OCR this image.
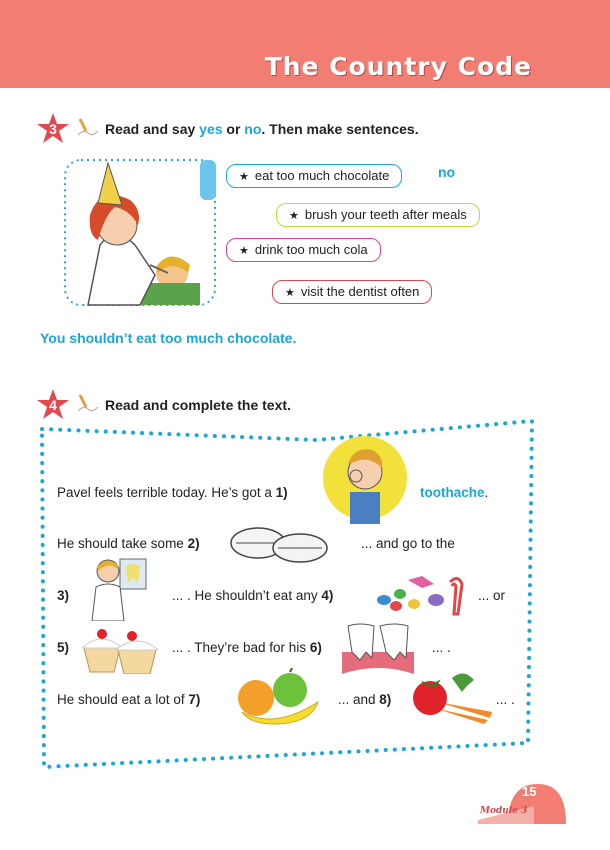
The Country Code
3	Read and say yes or no. Then make sentences.
★ eat too much chocolate	no
★ brush your teeth after meals
★ drink too much cola
★ visit the dentist often
You shouldn’t eat too much chocolate.
4	Read and complete the text.
Pavel feels terrible today. He’s got a 1)	toothache.
He should take some 2)	... and go to the
3)	... . He shouldn’t eat any 4)	... or
5)	... . They’re bad for his 6)	... .
He should eat a lot of 7)	... and 8)	... .
15
Module 3
